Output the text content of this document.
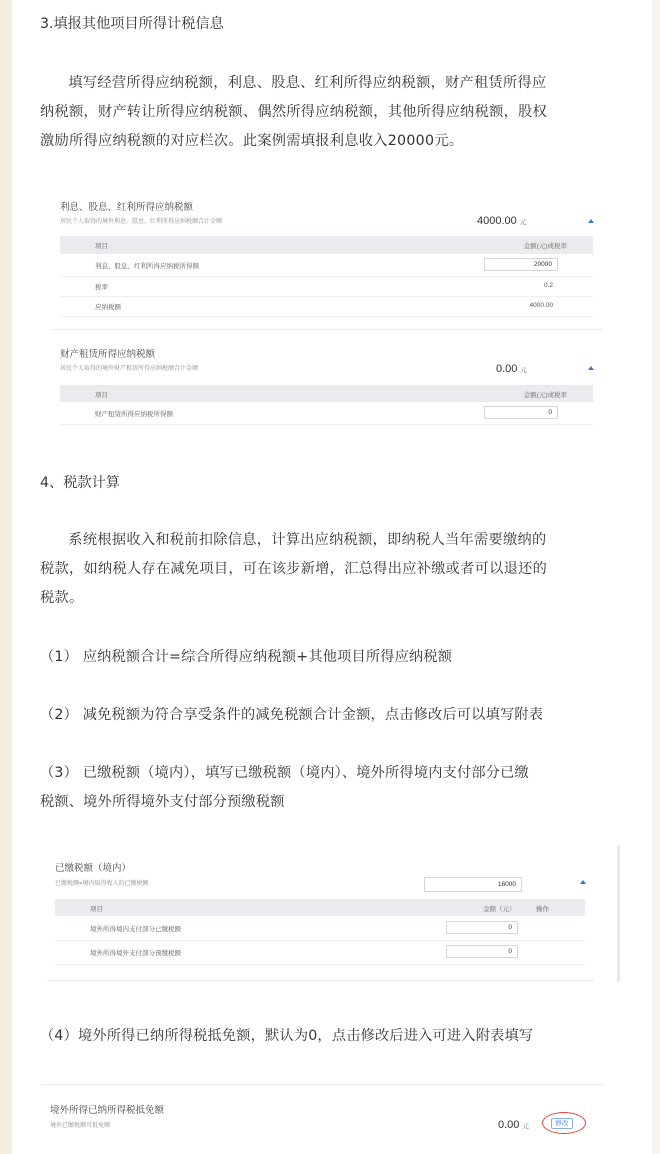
3.填报其他项目所得计税信息
填写经营所得应纳税额，利息、股息、红利所得应纳税额，财产租赁所得应
纳税额，财产转让所得应纳税额、偶然所得应纳税额，其他所得应纳税额，股权
激励所得应纳税额的对应栏次。此案例需填报利息收入20000元。
利息、股息、红利所得应纳税额
居民个人取得的境外利息、股息、红利所得应纳税额合计金额	4000.00 元
项目	金额(元)或税率
利息、股息、红利所得应纳税所得额	20000
税率	0.2
应纳税额	4000.00
财产租赁所得应纳税额
居民个人取得的境外财产租赁所得应纳税额合计金额	0.00 元
项目	金额(元)或税率
财产租赁所得应纳税所得额	0
4、税款计算
系统根据收入和税前扣除信息，计算出应纳税额，即纳税人当年需要缴纳的
税款，如纳税人存在减免项目，可在该步新增，汇总得出应补缴或者可以退还的
税款。
（1） 应纳税额合计=综合所得应纳税额+其他项目所得应纳税额
（2） 减免税额为符合享受条件的减免税额合计金额，点击修改后可以填写附表
（3） 已缴税额（境内），填写已缴税额（境内）、境外所得境内支付部分已缴
税额、境外所得境外支付部分预缴税额
已缴税额（境内）
已缴税额=境内取得收入的已缴税额	16000
项目	金额（元）	操作
境外所得境内支付部分已缴税额	0
境外所得境外支付部分预缴税额	0
（4）境外所得已纳所得税抵免额，默认为0，点击修改后进入可进入附表填写
境外所得已纳所得税抵免额
境外已缴税额可抵免额	0.00 元	修改
